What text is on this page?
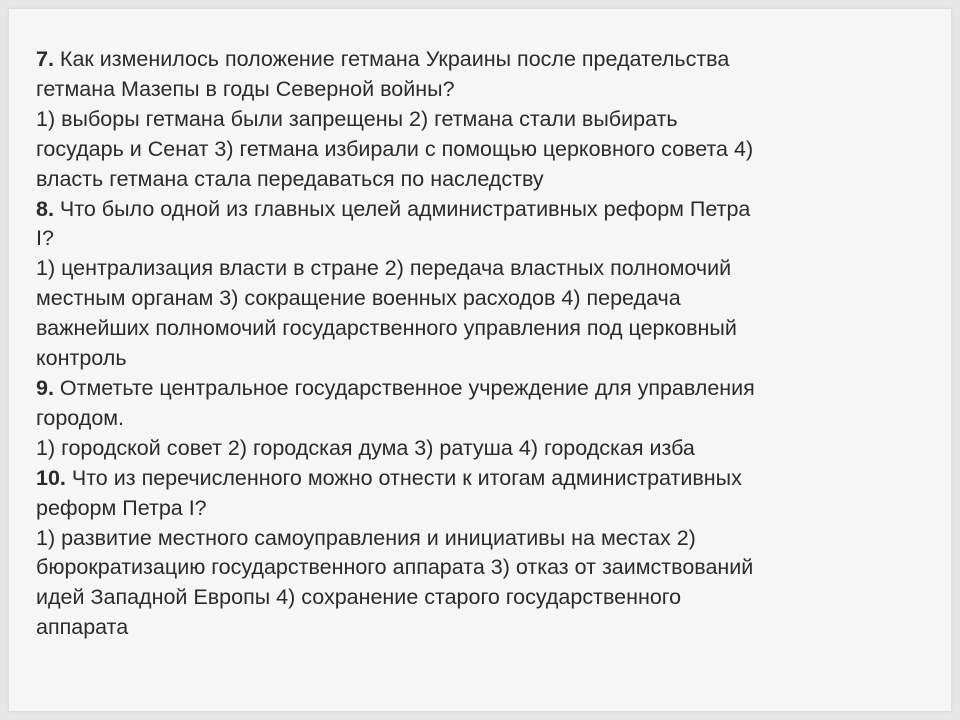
7. Как изменилось положение гетмана Украины после предательства
гетмана Мазепы в годы Северной войны?
1) выборы гетмана были запрещены 2) гетмана стали выбирать
государь и Сенат 3) гетмана избирали с помощью церковного совета 4)
власть гетмана стала передаваться по наследству
8. Что было одной из главных целей административных реформ Петра
I?
1) централизация власти в стране 2) передача властных полномочий
местным органам 3) сокращение военных расходов 4) передача
важнейших полномочий государственного управления под церковный
контроль
9. Отметьте центральное государственное учреждение для управления
городом.
1) городской совет 2) городская дума 3) ратуша 4) городская изба
10. Что из перечисленного можно отнести к итогам административных
реформ Петра I?
1) развитие местного самоуправления и инициативы на местах 2)
бюрократизацию государственного аппарата 3) отказ от заимствований
идей Западной Европы 4) сохранение старого государственного
аппарата
